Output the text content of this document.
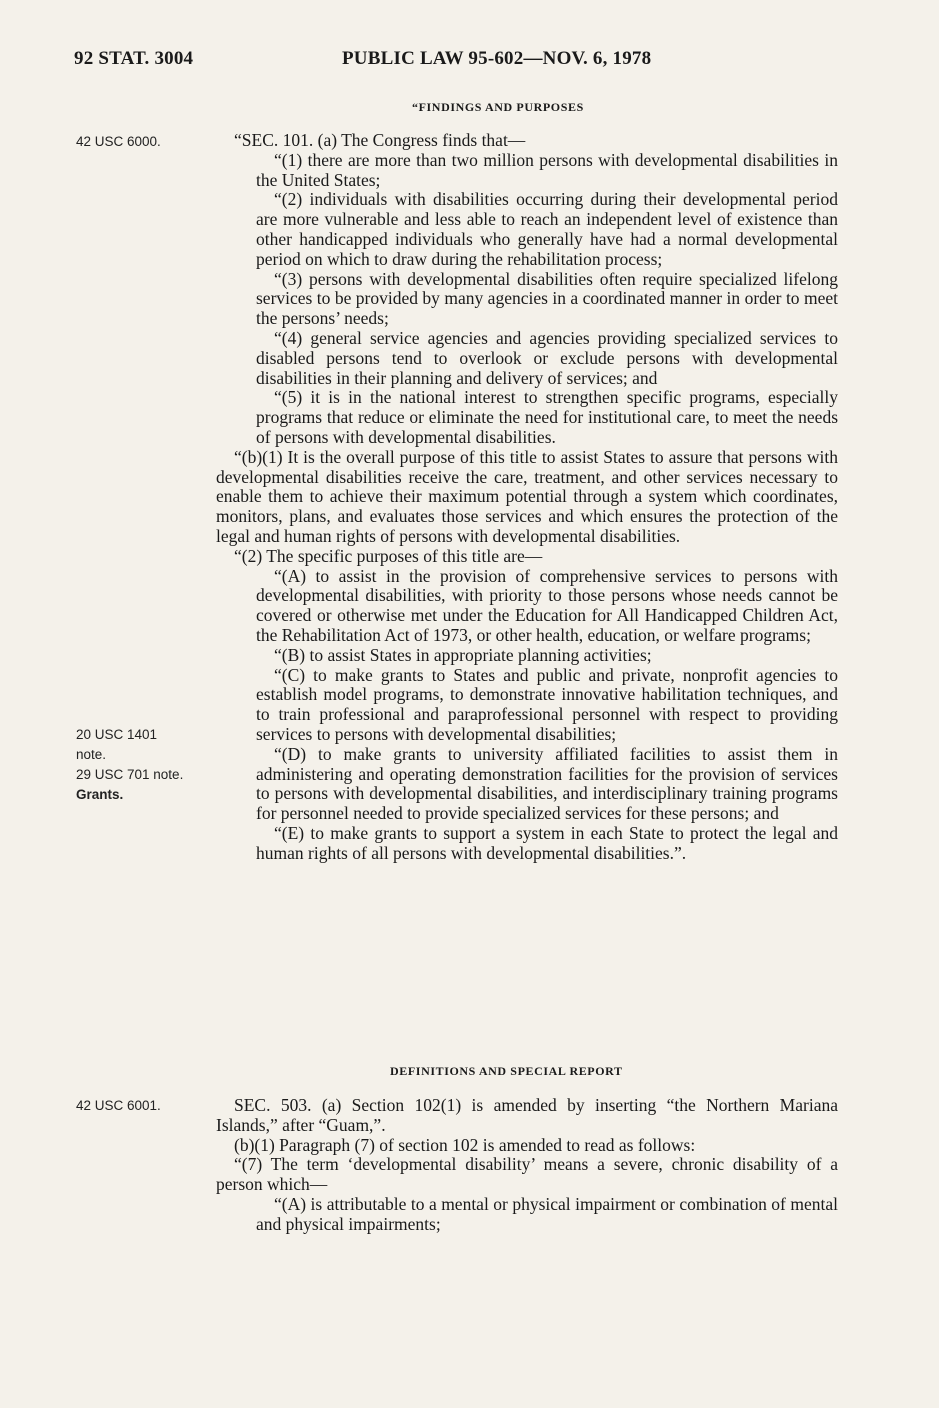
92 STAT. 3004	PUBLIC LAW 95-602—NOV. 6, 1978
42 USC 6000.
20 USC 1401
note.
29 USC 701 note.
Grants.
42 USC 6001.
“FINDINGS AND PURPOSES

“SEC. 101. (a) The Congress finds that—

“(1) there are more than two million persons with developmental disabilities in the United States;

“(2) individuals with disabilities occurring during their developmental period are more vulnerable and less able to reach an independent level of existence than other handicapped individuals who generally have had a normal developmental period on which to draw during the rehabilitation process;

“(3) persons with developmental disabilities often require specialized lifelong services to be provided by many agencies in a coordinated manner in order to meet the persons’ needs;

“(4) general service agencies and agencies providing specialized services to disabled persons tend to overlook or exclude persons with developmental disabilities in their planning and delivery of services; and

“(5) it is in the national interest to strengthen specific programs, especially programs that reduce or eliminate the need for institutional care, to meet the needs of persons with developmental disabilities.

“(b)(1) It is the overall purpose of this title to assist States to assure that persons with developmental disabilities receive the care, treatment, and other services necessary to enable them to achieve their maximum potential through a system which coordinates, monitors, plans, and evaluates those services and which ensures the protection of the legal and human rights of persons with developmental disabilities.

“(2) The specific purposes of this title are—

“(A) to assist in the provision of comprehensive services to persons with developmental disabilities, with priority to those persons whose needs cannot be covered or otherwise met under the Education for All Handicapped Children Act, the Rehabilitation Act of 1973, or other health, education, or welfare programs;

“(B) to assist States in appropriate planning activities;

“(C) to make grants to States and public and private, nonprofit agencies to establish model programs, to demonstrate innovative habilitation techniques, and to train professional and paraprofessional personnel with respect to providing services to persons with developmental disabilities;

“(D) to make grants to university affiliated facilities to assist them in administering and operating demonstration facilities for the provision of services to persons with developmental disabilities, and interdisciplinary training programs for personnel needed to provide specialized services for these persons; and

“(E) to make grants to support a system in each State to protect the legal and human rights of all persons with developmental disabilities.”.

DEFINITIONS AND SPECIAL REPORT

SEC. 503. (a) Section 102(1) is amended by inserting “the Northern Mariana Islands,” after “Guam,”.

(b)(1) Paragraph (7) of section 102 is amended to read as follows:

“(7) The term ‘developmental disability’ means a severe, chronic disability of a person which—

“(A) is attributable to a mental or physical impairment or combination of mental and physical impairments;
